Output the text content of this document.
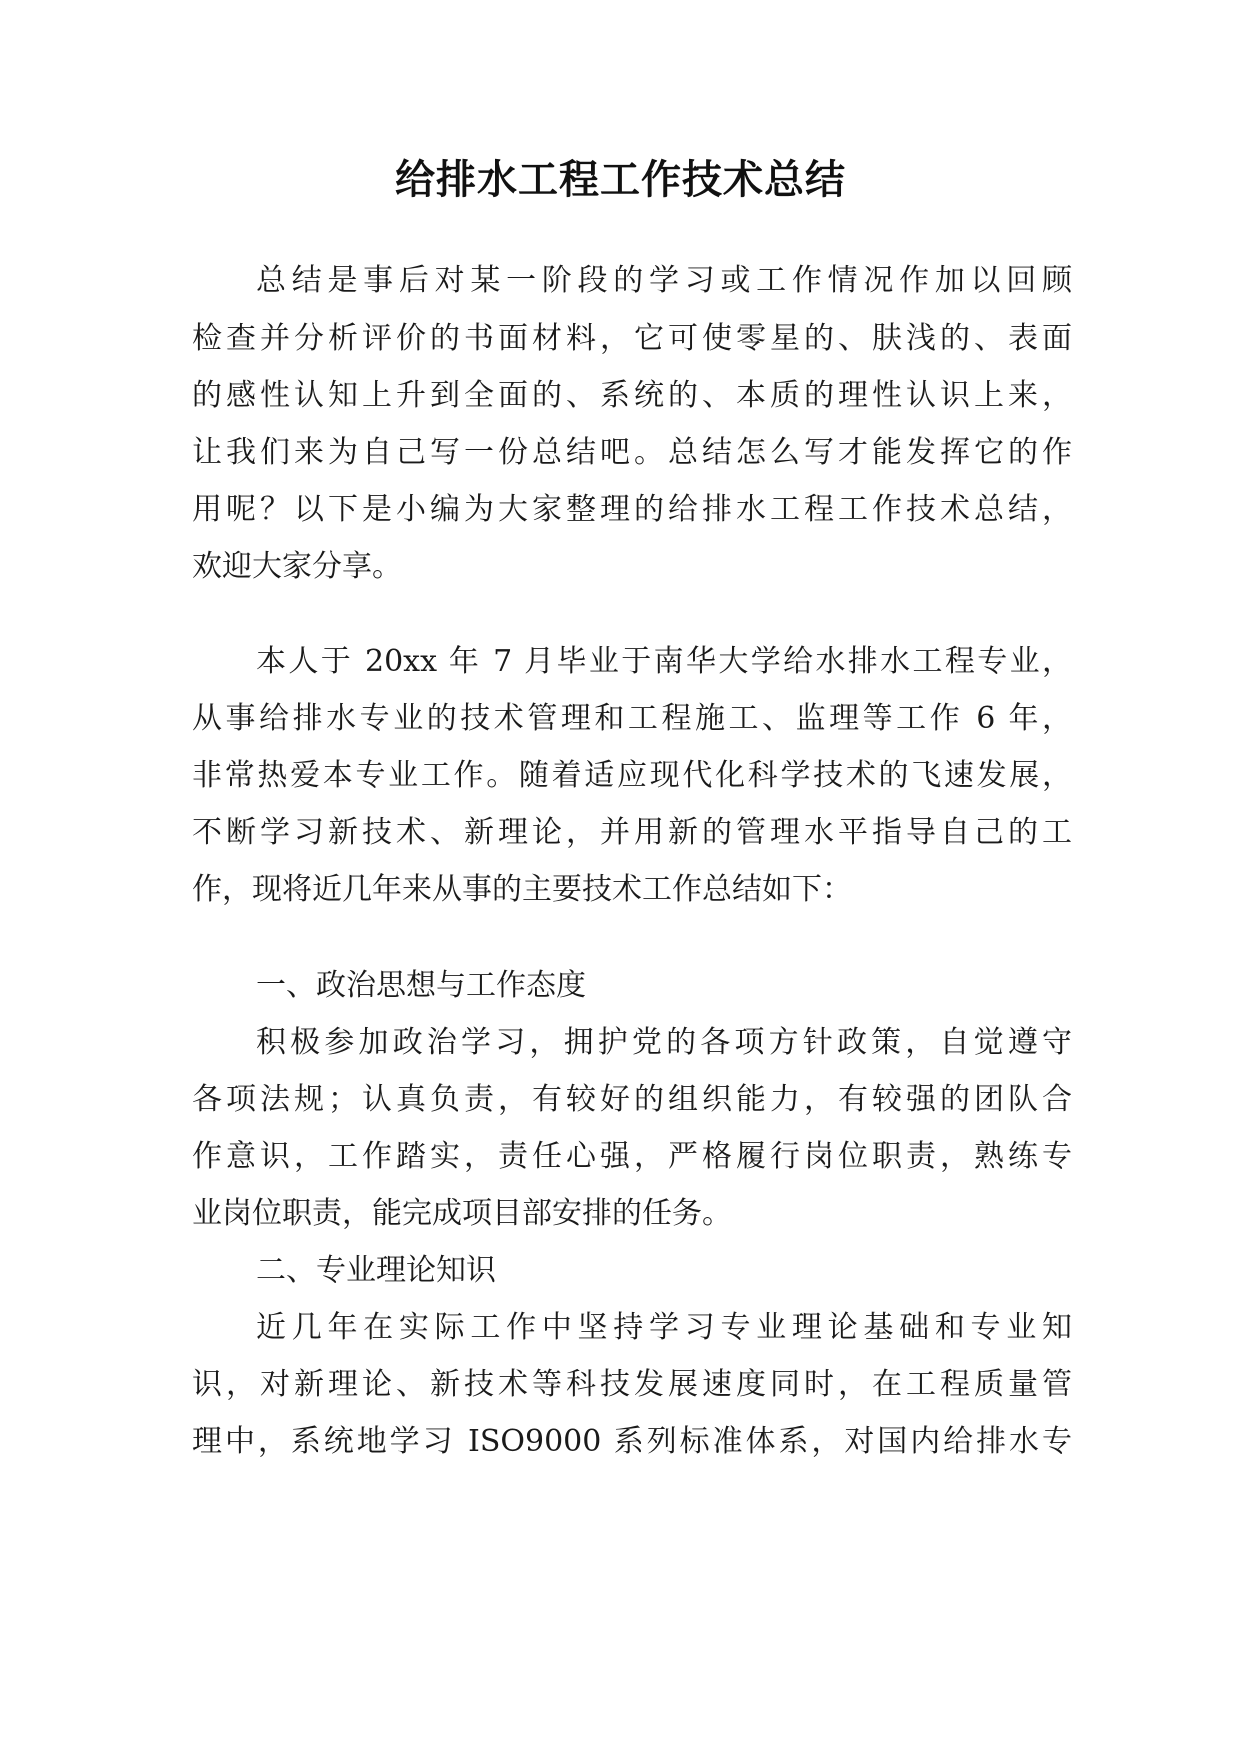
给排水工程工作技术总结
总结是事后对某一阶段的学习或工作情况作加以回顾
检查并分析评价的书面材料，它可使零星的、肤浅的、表面
的感性认知上升到全面的、系统的、本质的理性认识上来，
让我们来为自己写一份总结吧。总结怎么写才能发挥它的作
用呢？以下是小编为大家整理的给排水工程工作技术总结，
欢迎大家分享。
本人于 20xx 年 7 月毕业于南华大学给水排水工程专业，
从事给排水专业的技术管理和工程施工、监理等工作 6 年，
非常热爱本专业工作。随着适应现代化科学技术的飞速发展，
不断学习新技术、新理论，并用新的管理水平指导自己的工
作，现将近几年来从事的主要技术工作总结如下：
一、政治思想与工作态度
积极参加政治学习，拥护党的各项方针政策，自觉遵守
各项法规；认真负责，有较好的组织能力，有较强的团队合
作意识，工作踏实，责任心强，严格履行岗位职责，熟练专
业岗位职责，能完成项目部安排的任务。
二、专业理论知识
近几年在实际工作中坚持学习专业理论基础和专业知
识，对新理论、新技术等科技发展速度同时，在工程质量管
理中，系统地学习 ISO9000 系列标准体系，对国内给排水专
